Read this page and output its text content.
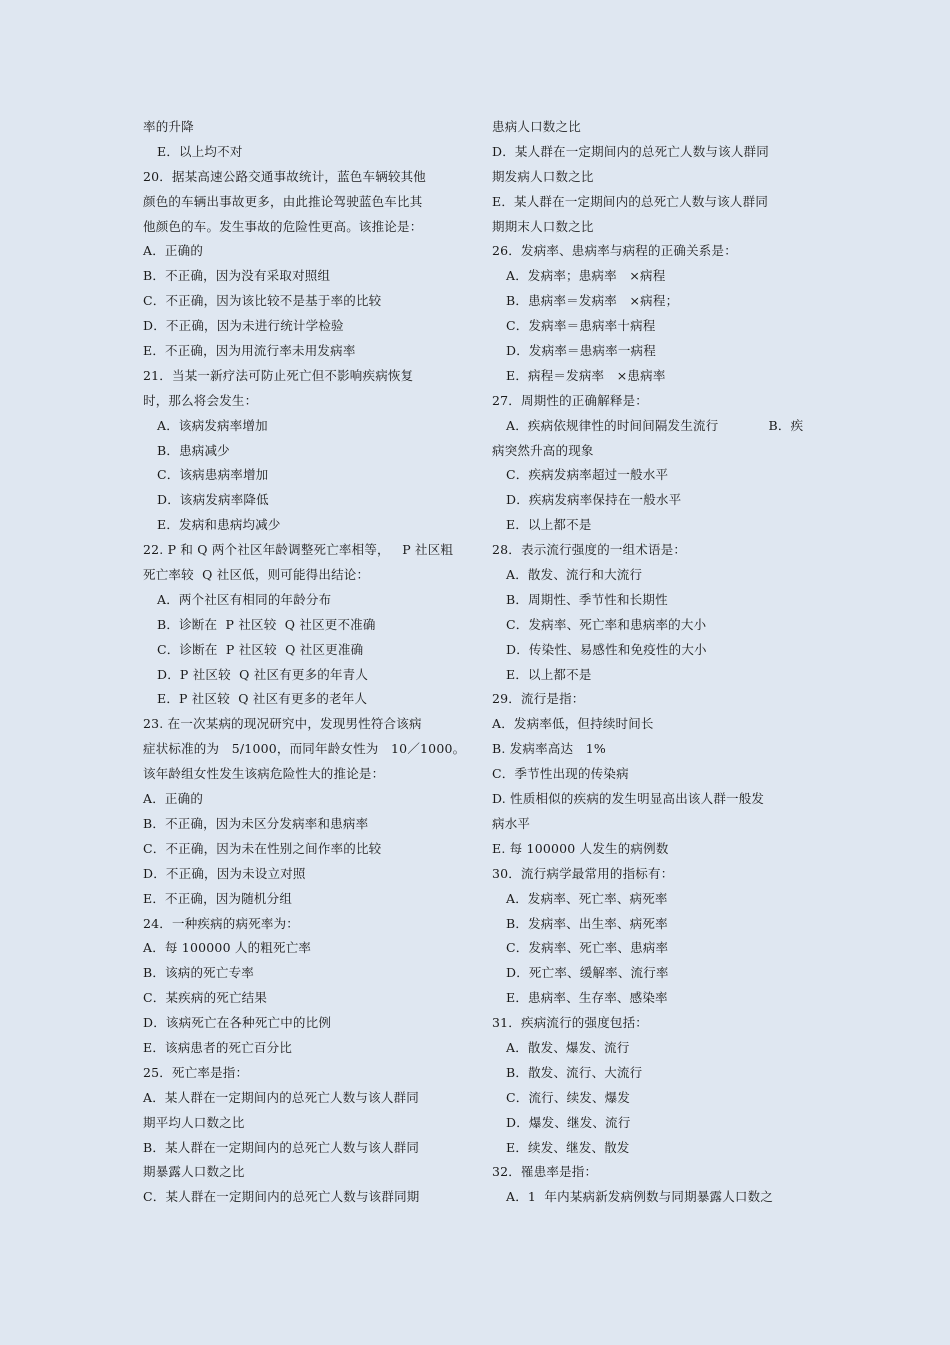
率的升降
E．以上均不对
20．据某高速公路交通事故统计，蓝色车辆较其他
颜色的车辆出事故更多，由此推论驾驶蓝色车比其
他颜色的车。发生事故的危险性更高。该推论是：
A．正确的
B．不正确，因为没有采取对照组
C．不正确，因为该比较不是基于率的比较
D．不正确，因为未进行统计学检验
E．不正确，因为用流行率未用发病率
21．当某一新疗法可防止死亡但不影响疾病恢复
时，那么将会发生：
A．该病发病率增加
B．患病减少
C．该病患病率增加
D．该病发病率降低
E．发病和患病均减少
22. P 和 Q 两个社区年龄调整死亡率相等，   P 社区粗
死亡率较  Q 社区低，则可能得出结论：
A．两个社区有相同的年龄分布
B．诊断在  P 社区较  Q 社区更不准确
C．诊断在  P 社区较  Q 社区更准确
D．P 社区较  Q 社区有更多的年青人
E．P 社区较  Q 社区有更多的老年人
23. 在一次某病的现况研究中，发现男性符合该病
症状标准的为   5/1000，而同年龄女性为   10／1000。
该年龄组女性发生该病危险性大的推论是：
A．正确的
B．不正确，因为未区分发病率和患病率
C．不正确，因为未在性别之间作率的比较
D．不正确，因为未设立对照
E．不正确，因为随机分组
24．一种疾病的病死率为：
A．每 100000 人的粗死亡率
B．该病的死亡专率
C．某疾病的死亡结果
D．该病死亡在各种死亡中的比例
E．该病患者的死亡百分比
25．死亡率是指：
A．某人群在一定期间内的总死亡人数与该人群同
期平均人口数之比
B．某人群在一定期间内的总死亡人数与该人群同
期暴露人口数之比
C．某人群在一定期间内的总死亡人数与该群同期
患病人口数之比
D．某人群在一定期间内的总死亡人数与该人群同
期发病人口数之比
E．某人群在一定期间内的总死亡人数与该人群同
期期末人口数之比
26．发病率、患病率与病程的正确关系是：
A．发病率；患病率   ×病程
B．患病率＝发病率   ×病程；
C．发病率＝患病率十病程
D．发病率＝患病率一病程
E．病程＝发病率   ×患病率
27．周期性的正确解释是：
A．疾病依规律性的时间间隔发生流行            B．疾
病突然升高的现象
C．疾病发病率超过一般水平
D．疾病发病率保持在一般水平
E．以上都不是
28．表示流行强度的一组术语是：
A．散发、流行和大流行
B．周期性、季节性和长期性
C．发病率、死亡率和患病率的大小
D．传染性、易感性和免疫性的大小
E．以上都不是
29．流行是指：
A．发病率低，但持续时间长
B. 发病率高达   1%
C．季节性出现的传染病
D. 性质相似的疾病的发生明显高出该人群一般发
病水平
E. 每 100000 人发生的病例数
30．流行病学最常用的指标有：
A．发病率、死亡率、病死率
B．发病率、出生率、病死率
C．发病率、死亡率、患病率
D．死亡率、缓解率、流行率
E．患病率、生存率、感染率
31．疾病流行的强度包括：
A．散发、爆发、流行
B．散发、流行、大流行
C．流行、续发、爆发
D．爆发、继发、流行
E．续发、继发、散发
32．罹患率是指：
A．1  年内某病新发病例数与同期暴露人口数之
